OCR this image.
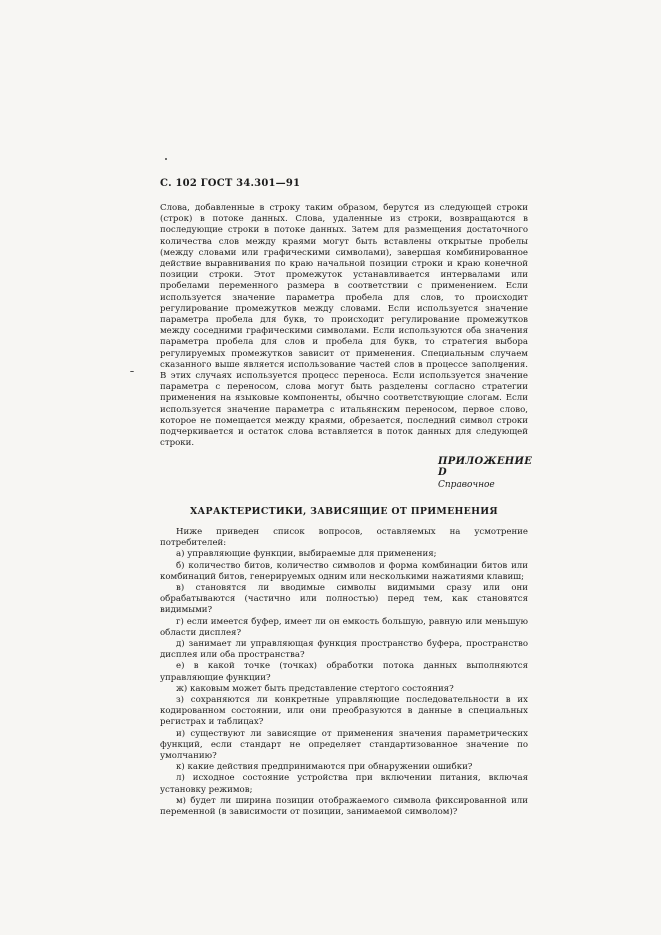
С. 102 ГОСТ 34.301—91

Слова, добавленные в строку таким образом, берутся из следующей строки (строк) в потоке данных. Слова, удаленные из строки, возвращаются в последующие строки в потоке данных. Затем для размещения достаточного количества слов между краями могут быть вставлены открытые пробелы (между словами или графическими символами), завершая комбинированное действие выравнивания по краю начальной позиции строки и краю конечной позиции строки. Этот промежуток устанавливается интервалами или пробелами переменного размера в соответствии с применением. Если используется значение параметра пробела для слов, то происходит регулирование промежутков между словами. Если используется значение параметра пробела для букв, то происходит регулирование промежутков между соседними графическими символами. Если используются оба значения параметра пробела для слов и пробела для букв, то стратегия выбора регулируемых промежутков зависит от применения. Специальным случаем сказанного выше является использование частей слов в процессе заполнения. В этих случаях используется процесс переноса. Если используется значение параметра с переносом, слова могут быть разделены согласно стратегии применения на языковые компоненты, обычно соответствующие слогам. Если используется значение параметра с итальянским переносом, первое слово, которое не помещается между краями, обрезается, последний символ строки подчеркивается и остаток слова вставляется в поток данных для следующей строки.

ПРИЛОЖЕНИЕ D
Справочное
ХАРАКТЕРИСТИКИ, ЗАВИСЯЩИЕ ОТ ПРИМЕНЕНИЯ

Ниже приведен список вопросов, оставляемых на усмотрение потребителей:

а) управляющие функции, выбираемые для применения;

б) количество битов, количество символов и форма комбинации битов или комбинаций битов, генерируемых одним или несколькими нажатиями клавиш;

в) становятся ли вводимые символы видимыми сразу или они обрабатываются (частично или полностью) перед тем, как становятся видимыми?

г) если имеется буфер, имеет ли он емкость большую, равную или меньшую области дисплея?

д) занимает ли управляющая функция пространство буфера, пространство дисплея или оба пространства?

е) в какой точке (точках) обработки потока данных выполняются управляющие функции?

ж) каковым может быть представление стертого состояния?

з) сохраняются ли конкретные управляющие последовательности в их кодированном состоянии, или они преобразуются в данные в специальных регистрах и таблицах?

и) существуют ли зависящие от применения значения параметрических функций, если стандарт не определяет стандартизованное значение по умолчанию?

к) какие действия предпринимаются при обнаружении ошибки?

л) исходное состояние устройства при включении питания, включая установку режимов;

м) будет ли ширина позиции отображаемого символа фиксированной или переменной (в зависимости от позиции, занимаемой символом)?
